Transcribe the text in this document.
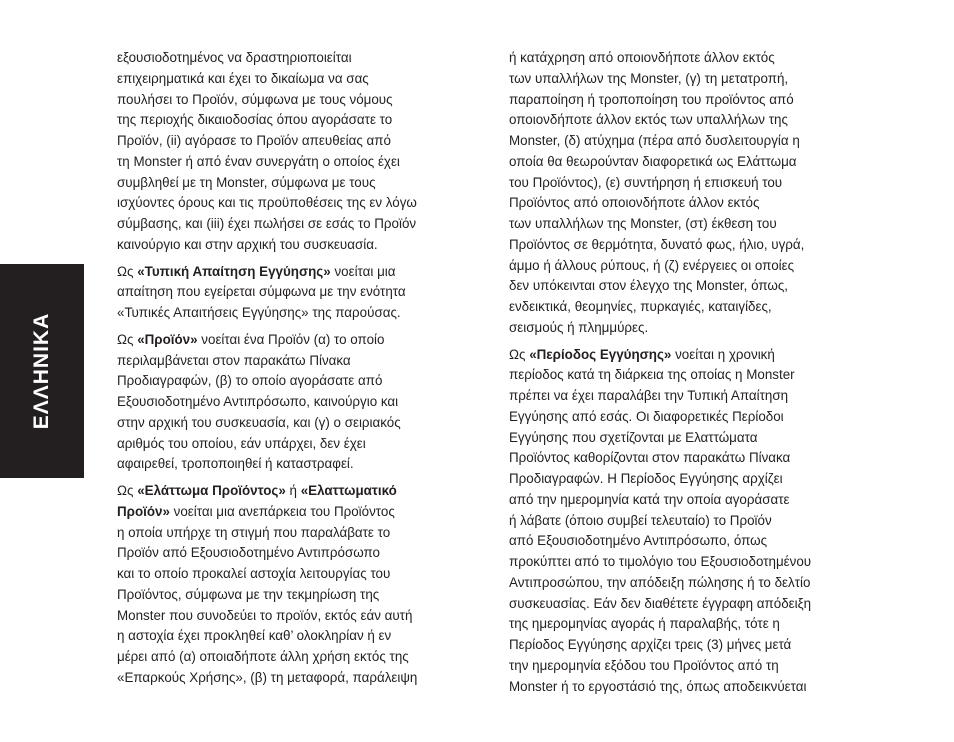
ΕΛΛΗΝΙΚΑ
εξουσιοδοτημένος να δραστηριοποιείται
επιχειρηματικά και έχει το δικαίωμα να σας
πουλήσει το Προϊόν, σύμφωνα με τους νόμους
της περιοχής δικαιοδοσίας όπου αγοράσατε το
Προϊόν, (ii) αγόρασε το Προϊόν απευθείας από
τη Monster ή από έναν συνεργάτη ο οποίος έχει
συμβληθεί με τη Monster, σύμφωνα με τους
ισχύοντες όρους και τις προϋποθέσεις της εν λόγω
σύμβασης, και (iii) έχει πωλήσει σε εσάς το Προϊόν
καινούργιο και στην αρχική του συσκευασία.
Ως «Τυπική Απαίτηση Εγγύησης» νοείται μια
απαίτηση που εγείρεται σύμφωνα με την ενότητα
«Τυπικές Απαιτήσεις Εγγύησης» της παρούσας.
Ως «Προϊόν» νοείται ένα Προϊόν (α) το οποίο
περιλαμβάνεται στον παρακάτω Πίνακα
Προδιαγραφών, (β) το οποίο αγοράσατε από
Εξουσιοδοτημένο Αντιπρόσωπο, καινούργιο και
στην αρχική του συσκευασία, και (γ) ο σειριακός
αριθμός του οποίου, εάν υπάρχει, δεν έχει
αφαιρεθεί, τροποποιηθεί ή καταστραφεί.
Ως «Ελάττωμα Προϊόντος» ή «Ελαττωματικό
Προϊόν» νοείται μια ανεπάρκεια του Προϊόντος
η οποία υπήρχε τη στιγμή που παραλάβατε το
Προϊόν από Εξουσιοδοτημένο Αντιπρόσωπο
και το οποίο προκαλεί αστοχία λειτουργίας του
Προϊόντος, σύμφωνα με την τεκμηρίωση της
Monster που συνοδεύει το προϊόν, εκτός εάν αυτή
η αστοχία έχει προκληθεί καθ’ ολοκληρίαν ή εν
μέρει από (α) οποιαδήποτε άλλη χρήση εκτός της
«Επαρκούς Χρήσης», (β) τη μεταφορά, παράλειψη
ή κατάχρηση από οποιονδήποτε άλλον εκτός
των υπαλλήλων της Monster, (γ) τη μετατροπή,
παραποίηση ή τροποποίηση του προϊόντος από
οποιονδήποτε άλλον εκτός των υπαλλήλων της
Monster, (δ) ατύχημα (πέρα από δυσλειτουργία η
οποία θα θεωρούνταν διαφορετικά ως Ελάττωμα
του Προϊόντος), (ε) συντήρηση ή επισκευή του
Προϊόντος από οποιονδήποτε άλλον εκτός
των υπαλλήλων της Monster, (στ) έκθεση του
Προϊόντος σε θερμότητα, δυνατό φως, ήλιο, υγρά,
άμμο ή άλλους ρύπους, ή (ζ) ενέργειες οι οποίες
δεν υπόκεινται στον έλεγχο της Monster, όπως,
ενδεικτικά, θεομηνίες, πυρκαγιές, καταιγίδες,
σεισμούς ή πλημμύρες.
Ως «Περίοδος Εγγύησης» νοείται η χρονική
περίοδος κατά τη διάρκεια της οποίας η Monster
πρέπει να έχει παραλάβει την Τυπική Απαίτηση
Εγγύησης από εσάς. Οι διαφορετικές Περίοδοι
Εγγύησης που σχετίζονται με Ελαττώματα
Προϊόντος καθορίζονται στον παρακάτω Πίνακα
Προδιαγραφών. Η Περίοδος Εγγύησης αρχίζει
από την ημερομηνία κατά την οποία αγοράσατε
ή λάβατε (όποιο συμβεί τελευταίο) το Προϊόν
από Εξουσιοδοτημένο Αντιπρόσωπο, όπως
προκύπτει από το τιμολόγιο του Εξουσιοδοτημένου
Αντιπροσώπου, την απόδειξη πώλησης ή το δελτίο
συσκευασίας. Εάν δεν διαθέτετε έγγραφη απόδειξη
της ημερομηνίας αγοράς ή παραλαβής, τότε η
Περίοδος Εγγύησης αρχίζει τρεις (3) μήνες μετά
την ημερομηνία εξόδου του Προϊόντος από τη
Monster ή το εργοστάσιό της, όπως αποδεικνύεται
